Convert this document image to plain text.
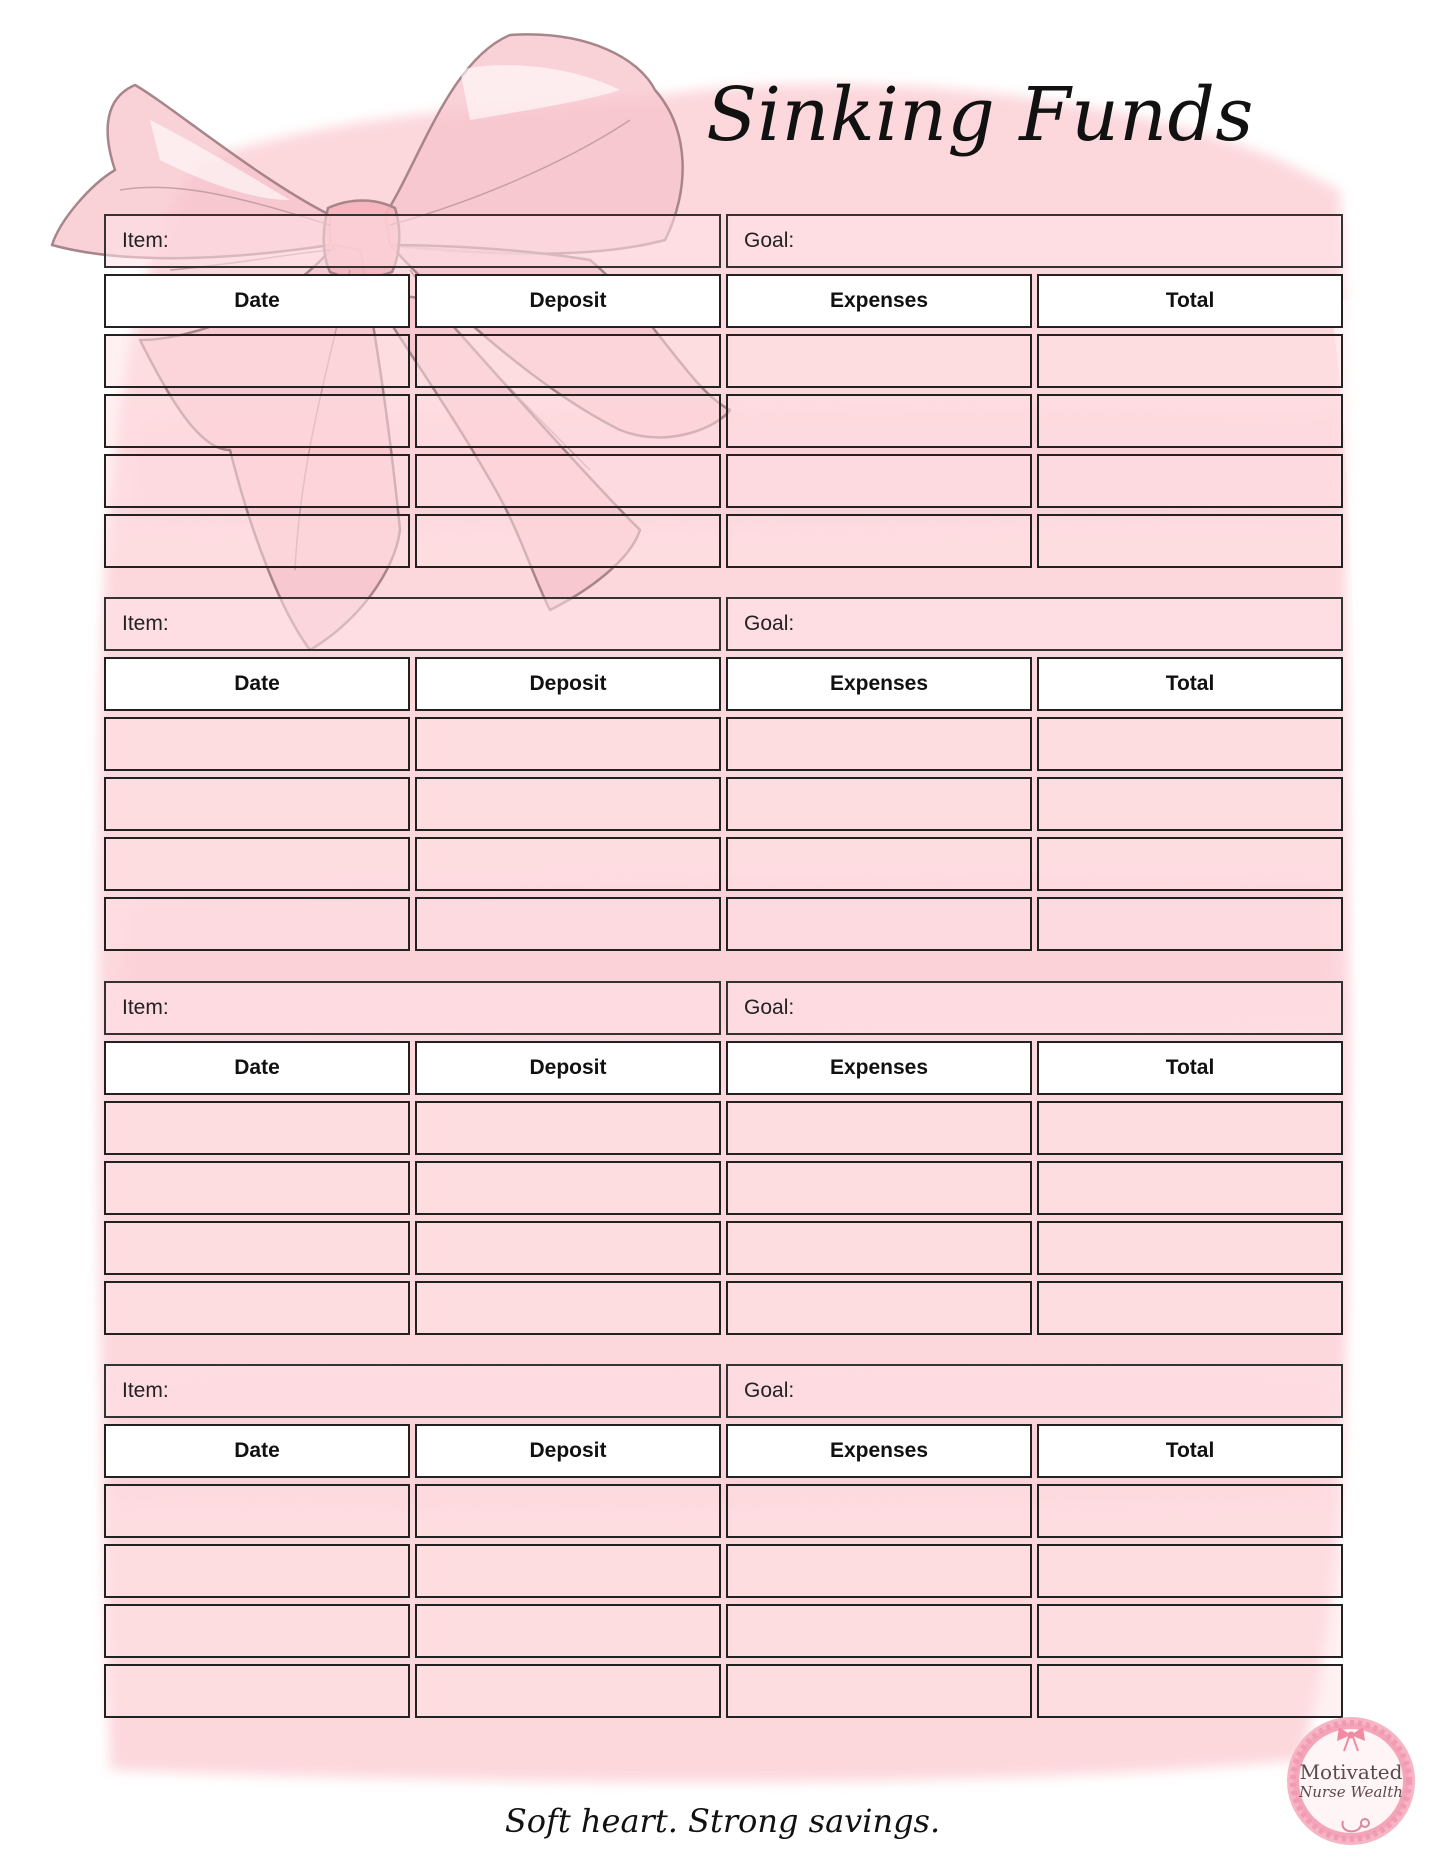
Sinking Funds
Item:	Goal:
Date	Deposit	Expenses	Total
Item:	Goal:
Date	Deposit	Expenses	Total
Item:	Goal:
Date	Deposit	Expenses	Total
Item:	Goal:
Date	Deposit	Expenses	Total
Soft heart. Strong savings.
Motivated
Nurse Wealth
